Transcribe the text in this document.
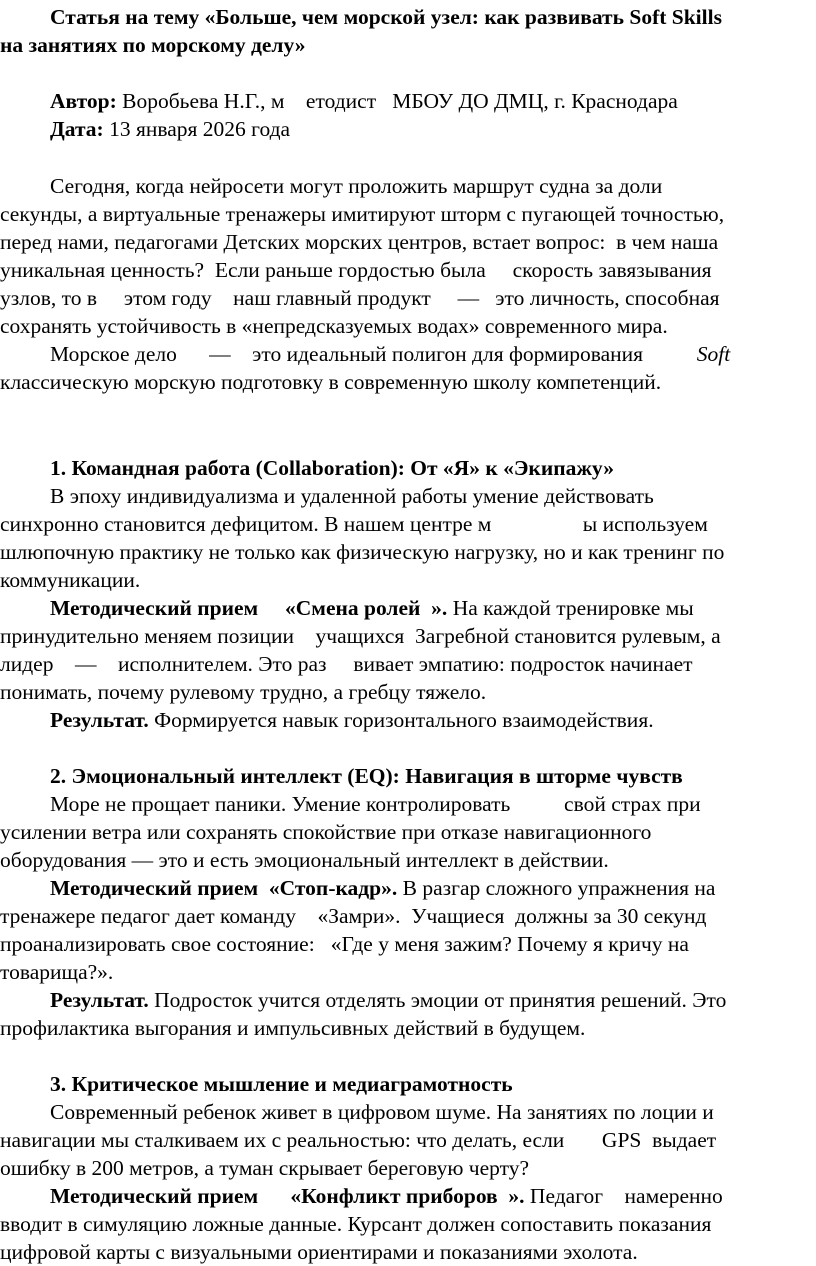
Статья на тему «Больше, чем морской узел: как развивать Soft Skills
на занятиях по морскому делу»
Автор: Воробьева Н.Г., м    етодист   МБОУ ДО ДМЦ, г. Краснодара
Дата: 13 января 2026 года
Сегодня, когда нейросети могут проложить маршрут судна за доли
секунды, а виртуальные тренажеры имитируют шторм с пугающей точностью,
перед нами, педагогами Детских морских центров, встает вопрос:  в чем наша
уникальная ценность?  Если раньше гордостью была     скорость завязывания
узлов, то в     этом году    наш главный продукт     —   это личность, способная
сохранять устойчивость в «непредсказуемых водах» современного мира.
Морское дело      —    это идеальный полигон для формирования          Soft
классическую морскую подготовку в современную школу компетенций.
1. Командная работа (Collaboration): От «Я» к «Экипажу»
В эпоху индивидуализма и удаленной работы умение действовать
синхронно становится дефицитом. В нашем центре м                 ы используем
шлюпочную практику не только как физическую нагрузку, но и как тренинг по
коммуникации.
Методический прием     «Смена ролей  ». На каждой тренировке мы
принудительно меняем позиции    учащихся  Загребной становится рулевым, а
лидер    —    исполнителем. Это раз     вивает эмпатию: подросток начинает
понимать, почему рулевому трудно, а гребцу тяжело.
Результат. Формируется навык горизонтального взаимодействия.
2. Эмоциональный интеллект (EQ): Навигация в шторме чувств
Море не прощает паники. Умение контролировать          свой страх при
усилении ветра или сохранять спокойствие при отказе навигационного
оборудования — это и есть эмоциональный интеллект в действии.
Методический прием  «Стоп-кадр». В разгар сложного упражнения на
тренажере педагог дает команду    «Замри».  Учащиеся  должны за 30 секунд
проанализировать свое состояние:   «Где у меня зажим? Почему я кричу на
товарища?».
Результат. Подросток учится отделять эмоции от принятия решений. Это
профилактика выгорания и импульсивных действий в будущем.
3. Критическое мышление и медиаграмотность
Современный ребенок живет в цифровом шуме. На занятиях по лоции и
навигации мы сталкиваем их с реальностью: что делать, если       GPS  выдает
ошибку в 200 метров, а туман скрывает береговую черту?
Методический прием      «Конфликт приборов  ». Педагог    намеренно
вводит в симуляцию ложные данные. Курсант должен сопоставить показания
цифровой карты с визуальными ориентирами и показаниями эхолота.
